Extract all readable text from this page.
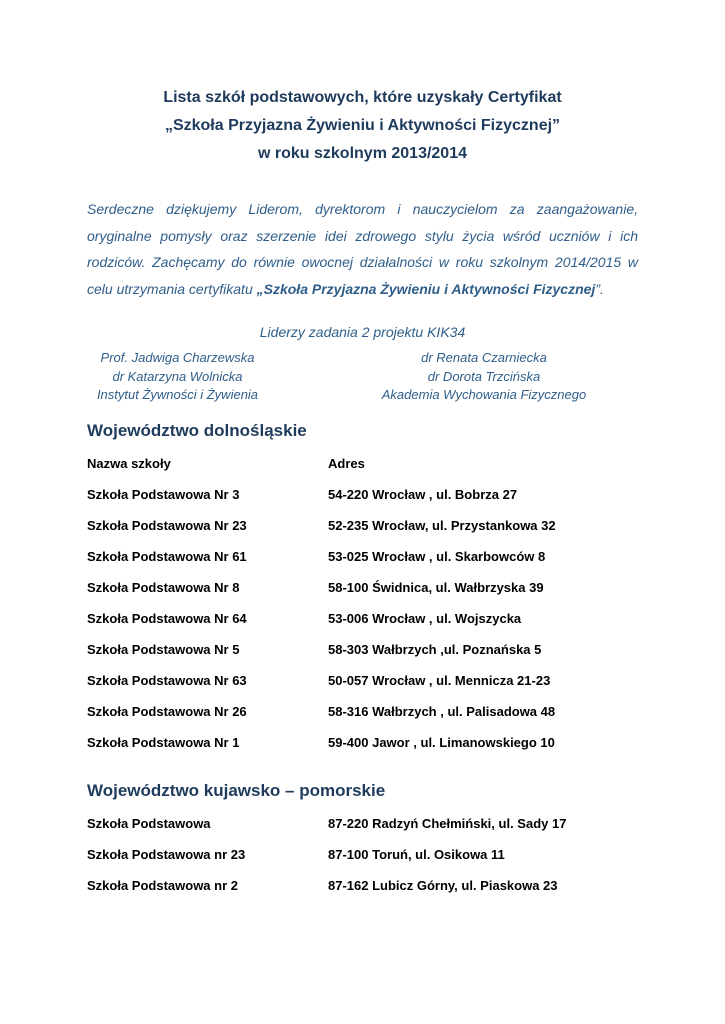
Lista szkół podstawowych, które uzyskały Certyfikat

„Szkoła Przyjazna Żywieniu i Aktywności Fizycznej”

w roku szkolnym 2013/2014

Serdeczne dziękujemy Liderom, dyrektorom i nauczycielom za zaangażowanie, oryginalne pomysły oraz szerzenie idei zdrowego stylu życia wśród uczniów i ich rodziców. Zachęcamy do równie owocnej działalności w roku szkolnym 2014/2015 w celu utrzymania certyfikatu „Szkoła Przyjazna Żywieniu i Aktywności Fizycznej”.
Liderzy zadania 2 projektu KIK34
Prof. Jadwiga Charzewska
dr Katarzyna Wolnicka
Instytut Żywności i Żywienia
dr Renata Czarniecka
dr Dorota Trzcińska
Akademia Wychowania Fizycznego
Województwo dolnośląskie
Nazwa szkoły	Adres
Szkoła Podstawowa Nr 3	54-220 Wrocław , ul. Bobrza 27
Szkoła Podstawowa Nr 23	52-235 Wrocław, ul. Przystankowa 32
Szkoła Podstawowa Nr 61	53-025 Wrocław , ul. Skarbowców 8
Szkoła Podstawowa Nr 8	58-100 Świdnica, ul. Wałbrzyska 39
Szkoła Podstawowa Nr 64	53-006 Wrocław , ul. Wojszycka
Szkoła Podstawowa Nr 5	58-303 Wałbrzych ,ul. Poznańska 5
Szkoła Podstawowa Nr 63	50-057 Wrocław , ul. Mennicza 21-23
Szkoła Podstawowa Nr 26	58-316 Wałbrzych , ul. Palisadowa 48
Szkoła Podstawowa Nr 1	59-400 Jawor , ul. Limanowskiego 10
Województwo kujawsko – pomorskie
Szkoła Podstawowa	87-220 Radzyń Chełmiński, ul. Sady 17
Szkoła Podstawowa nr 23	87-100 Toruń, ul. Osikowa 11
Szkoła Podstawowa nr 2	87-162 Lubicz Górny, ul. Piaskowa 23
